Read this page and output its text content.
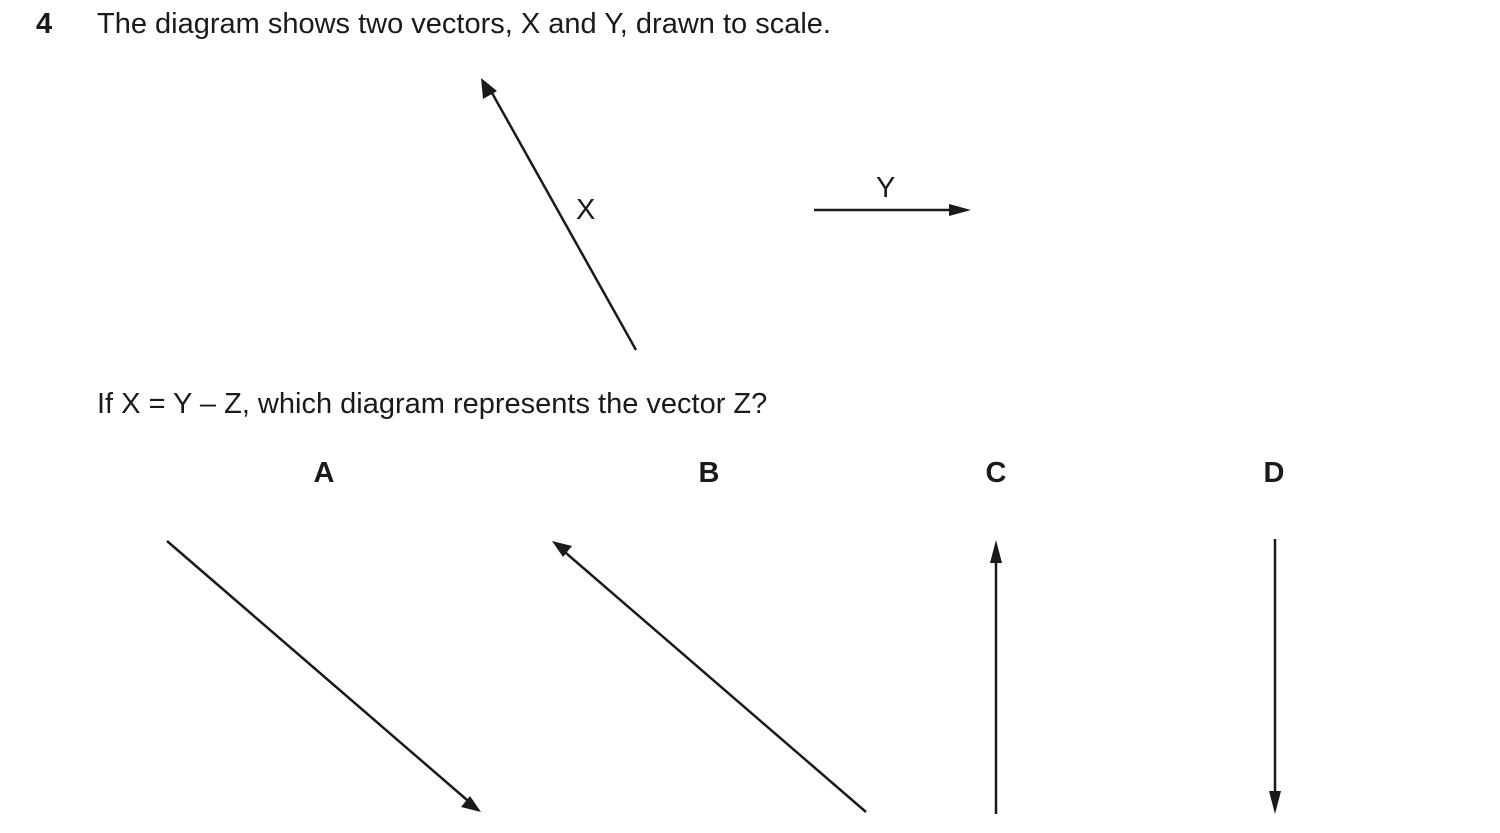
4 The diagram shows two vectors, X and Y, drawn to scale.
If X = Y – Z, which diagram represents the vector Z?
A	B	C	D
X
Y
